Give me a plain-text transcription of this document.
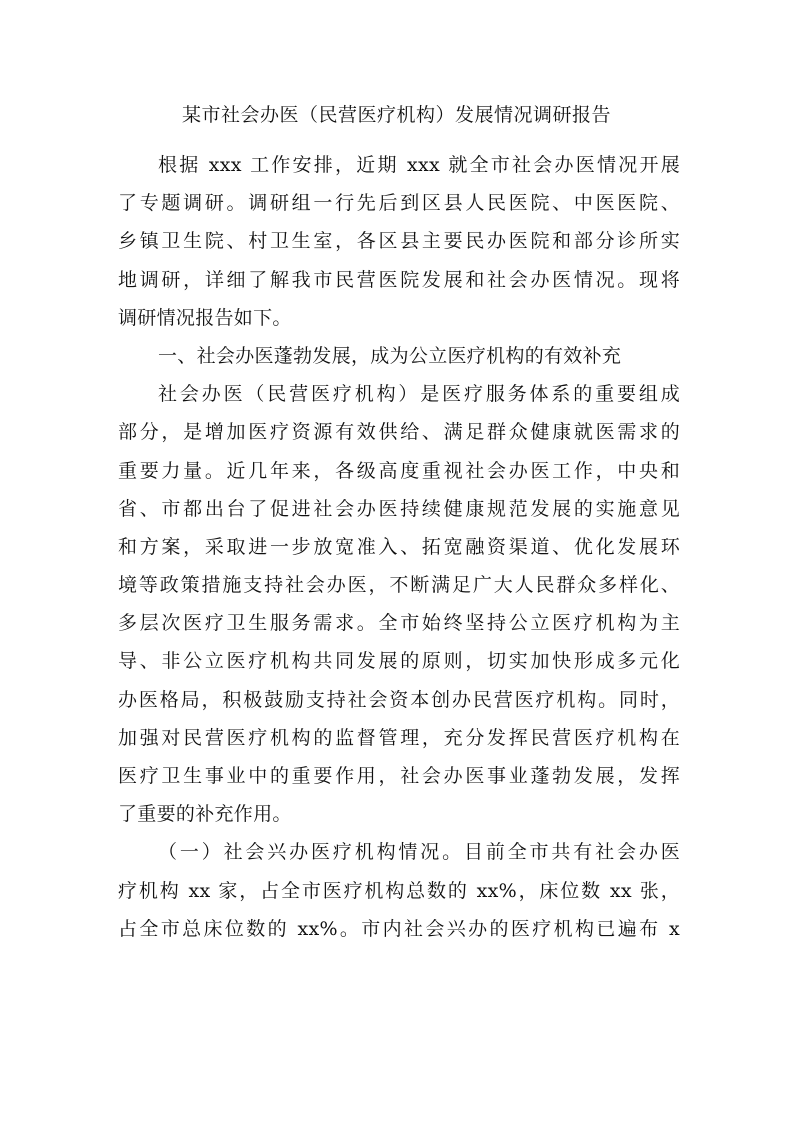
某市社会办医（民营医疗机构）发展情况调研报告
根据 xxx 工作安排，近期 xxx 就全市社会办医情况开展
了专题调研。调研组一行先后到区县人民医院、中医医院、
乡镇卫生院、村卫生室，各区县主要民办医院和部分诊所实
地调研，详细了解我市民营医院发展和社会办医情况。现将
调研情况报告如下。
一、社会办医蓬勃发展，成为公立医疗机构的有效补充
社会办医（民营医疗机构）是医疗服务体系的重要组成
部分，是增加医疗资源有效供给、满足群众健康就医需求的
重要力量。近几年来，各级高度重视社会办医工作，中央和
省、市都出台了促进社会办医持续健康规范发展的实施意见
和方案，采取进一步放宽准入、拓宽融资渠道、优化发展环
境等政策措施支持社会办医，不断满足广大人民群众多样化、
多层次医疗卫生服务需求。全市始终坚持公立医疗机构为主
导、非公立医疗机构共同发展的原则，切实加快形成多元化
办医格局，积极鼓励支持社会资本创办民营医疗机构。同时，
加强对民营医疗机构的监督管理，充分发挥民营医疗机构在
医疗卫生事业中的重要作用，社会办医事业蓬勃发展，发挥
了重要的补充作用。
（一）社会兴办医疗机构情况。目前全市共有社会办医
疗机构 xx 家，占全市医疗机构总数的 xx%，床位数 xx 张，
占全市总床位数的 xx%。市内社会兴办的医疗机构已遍布 x
